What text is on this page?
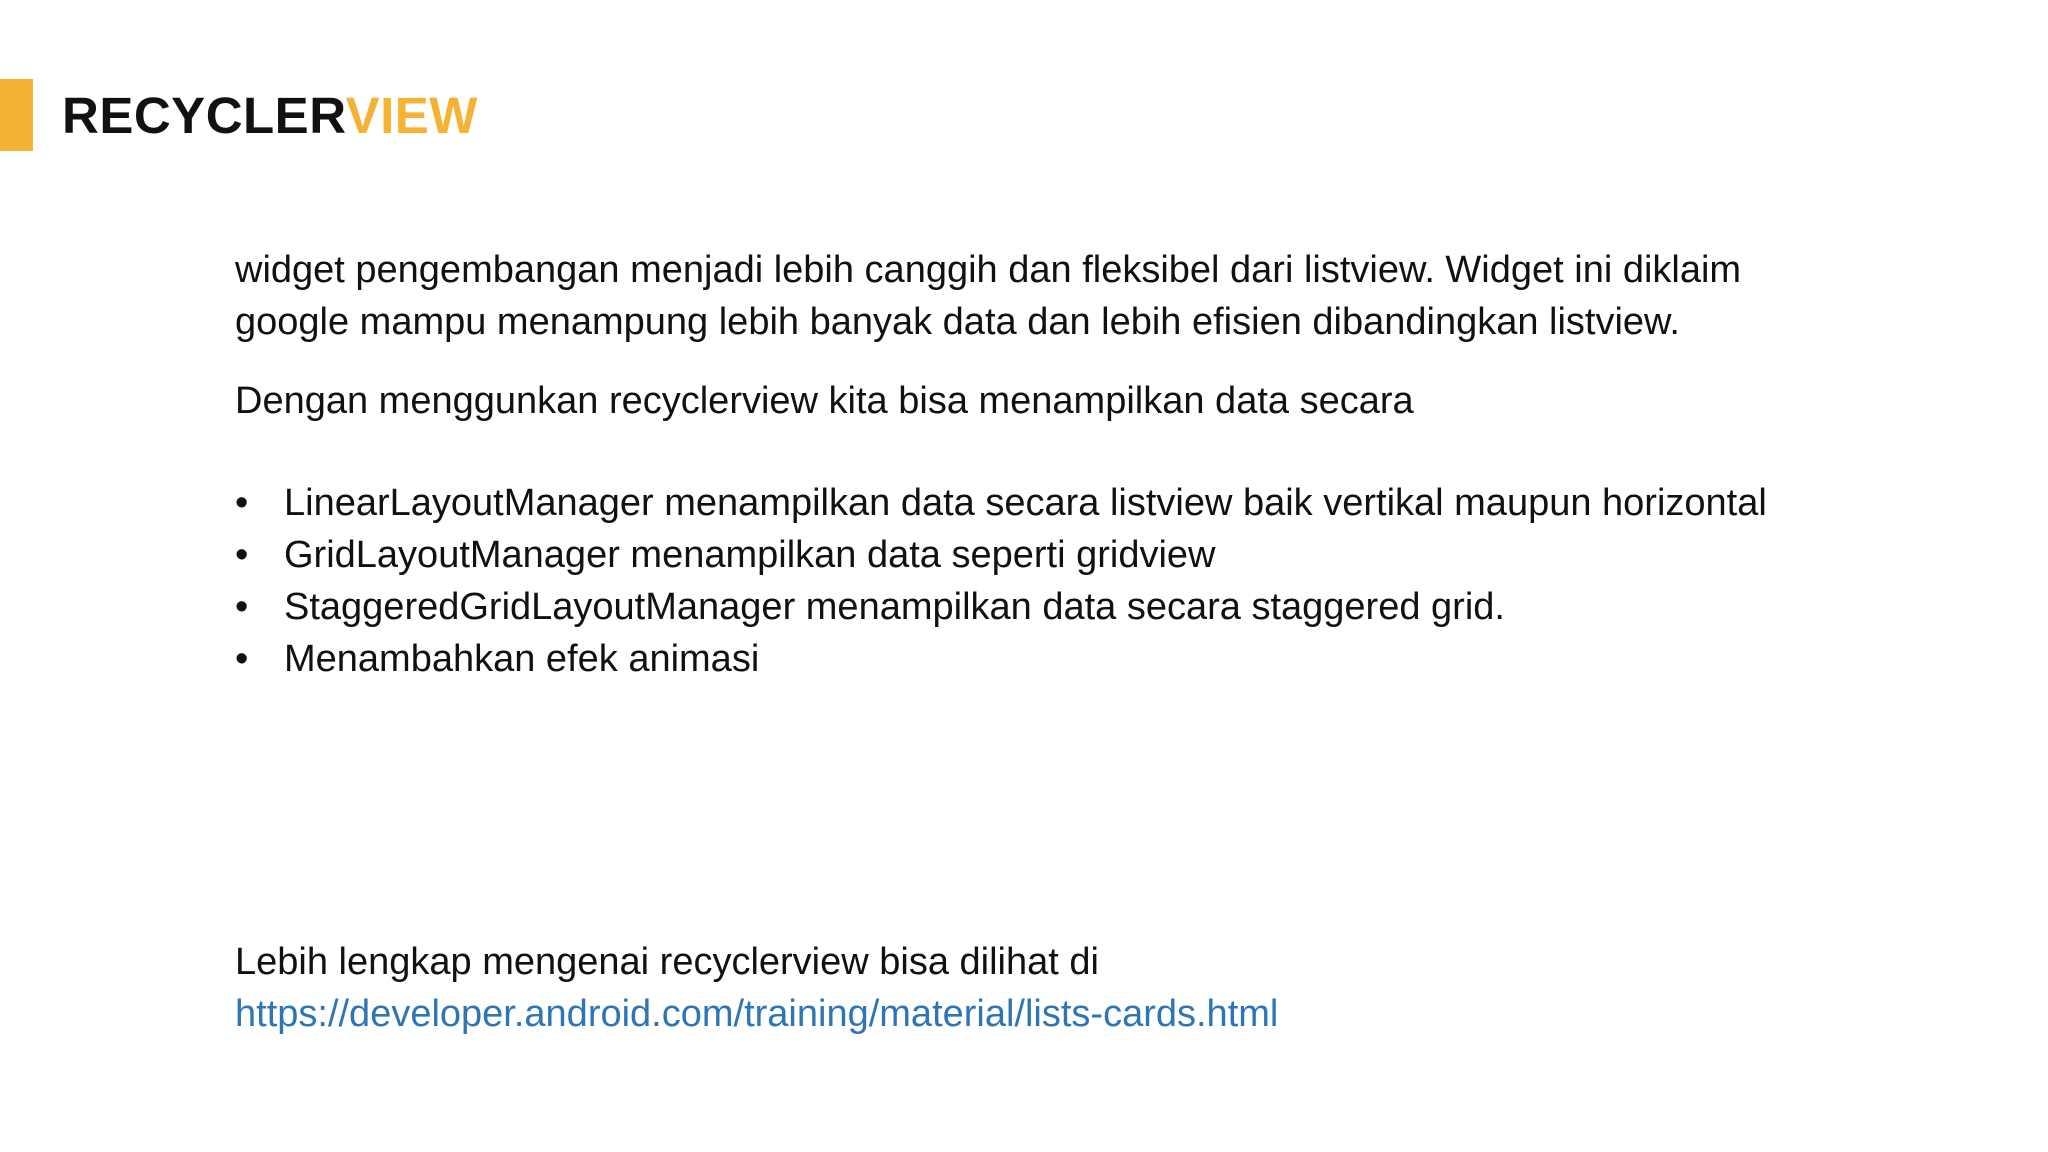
RECYCLERVIEW

widget pengembangan menjadi lebih canggih dan fleksibel dari listview. Widget ini diklaim google mampu menampung lebih banyak data dan lebih efisien dibandingkan listview.

Dengan menggunkan recyclerview kita bisa menampilkan data secara

• LinearLayoutManager menampilkan data secara listview baik vertikal maupun horizontal
• GridLayoutManager menampilkan data seperti gridview
• StaggeredGridLayoutManager menampilkan data secara staggered grid.
• Menambahkan efek animasi

Lebih lengkap mengenai recyclerview bisa dilihat di

https://developer.android.com/training/material/lists-cards.html
